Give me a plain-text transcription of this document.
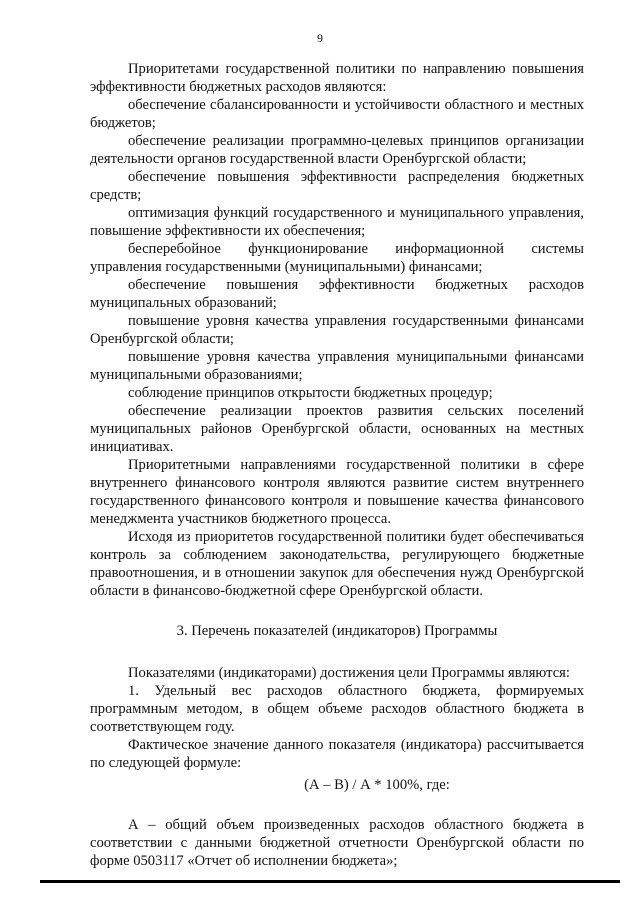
9

Приоритетами государственной политики по направлению повышения эффективности бюджетных расходов являются:

обеспечение сбалансированности и устойчивости областного и местных бюджетов;

обеспечение реализации программно-целевых принципов организации деятельности органов государственной власти Оренбургской области;

обеспечение повышения эффективности распределения бюджетных средств;

оптимизация функций государственного и муниципального управления, повышение эффективности их обеспечения;

бесперебойное функционирование информационной системы управления государственными (муниципальными) финансами;

обеспечение повышения эффективности бюджетных расходов муниципальных образований;

повышение уровня качества управления государственными финансами Оренбургской области;

повышение уровня качества управления муниципальными финансами муниципальными образованиями;

соблюдение принципов открытости бюджетных процедур;

обеспечение реализации проектов развития сельских поселений муниципальных районов Оренбургской области, основанных на местных инициативах.

Приоритетными направлениями государственной политики в сфере внутреннего финансового контроля являются развитие систем внутреннего государственного финансового контроля и повышение качества финансового менеджмента участников бюджетного процесса.

Исходя из приоритетов государственной политики будет обеспечиваться контроль за соблюдением законодательства, регулирующего бюджетные правоотношения, и в отношении закупок для обеспечения нужд Оренбургской области в финансово-бюджетной сфере Оренбургской области.

3. Перечень показателей (индикаторов) Программы

Показателями (индикаторами) достижения цели Программы являются:

1. Удельный вес расходов областного бюджета, формируемых программным методом, в общем объеме расходов областного бюджета в соответствующем году.

Фактическое значение данного показателя (индикатора) рассчитывается по следующей формуле:

(А – В) / А * 100%, где:

А – общий объем произведенных расходов областного бюджета в соответствии с данными бюджетной отчетности Оренбургской области по форме 0503117 «Отчет об исполнении бюджета»;
